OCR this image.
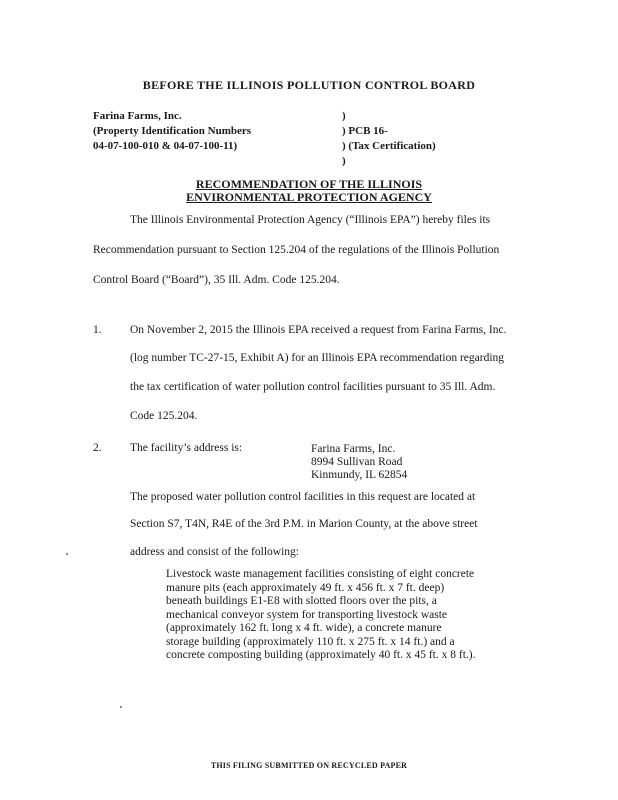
BEFORE THE ILLINOIS POLLUTION CONTROL BOARD
Farina Farms, Inc.
(Property Identification Numbers
04-07-100-010 & 04-07-100-11)
)
) PCB 16-
) (Tax Certification)
)
RECOMMENDATION OF THE ILLINOIS
ENVIRONMENTAL PROTECTION AGENCY
The Illinois Environmental Protection Agency (“Illinois EPA”) hereby files its
Recommendation pursuant to Section 125.204 of the regulations of the Illinois Pollution
Control Board (“Board”), 35 Ill. Adm. Code 125.204.
1. On November 2, 2015 the Illinois EPA received a request from Farina Farms, Inc.
(log number TC-27-15, Exhibit A) for an Illinois EPA recommendation regarding
the tax certification of water pollution control facilities pursuant to 35 Ill. Adm.
Code 125.204.
2. The facility’s address is:	Farina Farms, Inc.
8994 Sullivan Road
Kinmundy, IL 62854
The proposed water pollution control facilities in this request are located at
Section S7, T4N, R4E of the 3rd P.M. in Marion County, at the above street
address and consist of the following:
Livestock waste management facilities consisting of eight concrete
manure pits (each approximately 49 ft. x 456 ft. x 7 ft. deep)
beneath buildings E1-E8 with slotted floors over the pits, a
mechanical conveyor system for transporting livestock waste
(approximately 162 ft. long x 4 ft. wide), a concrete manure
storage building (approximately 110 ft. x 275 ft. x 14 ft.) and a
concrete composting building (approximately 40 ft. x 45 ft. x 8 ft.).
THIS FILING SUBMITTED ON RECYCLED PAPER
